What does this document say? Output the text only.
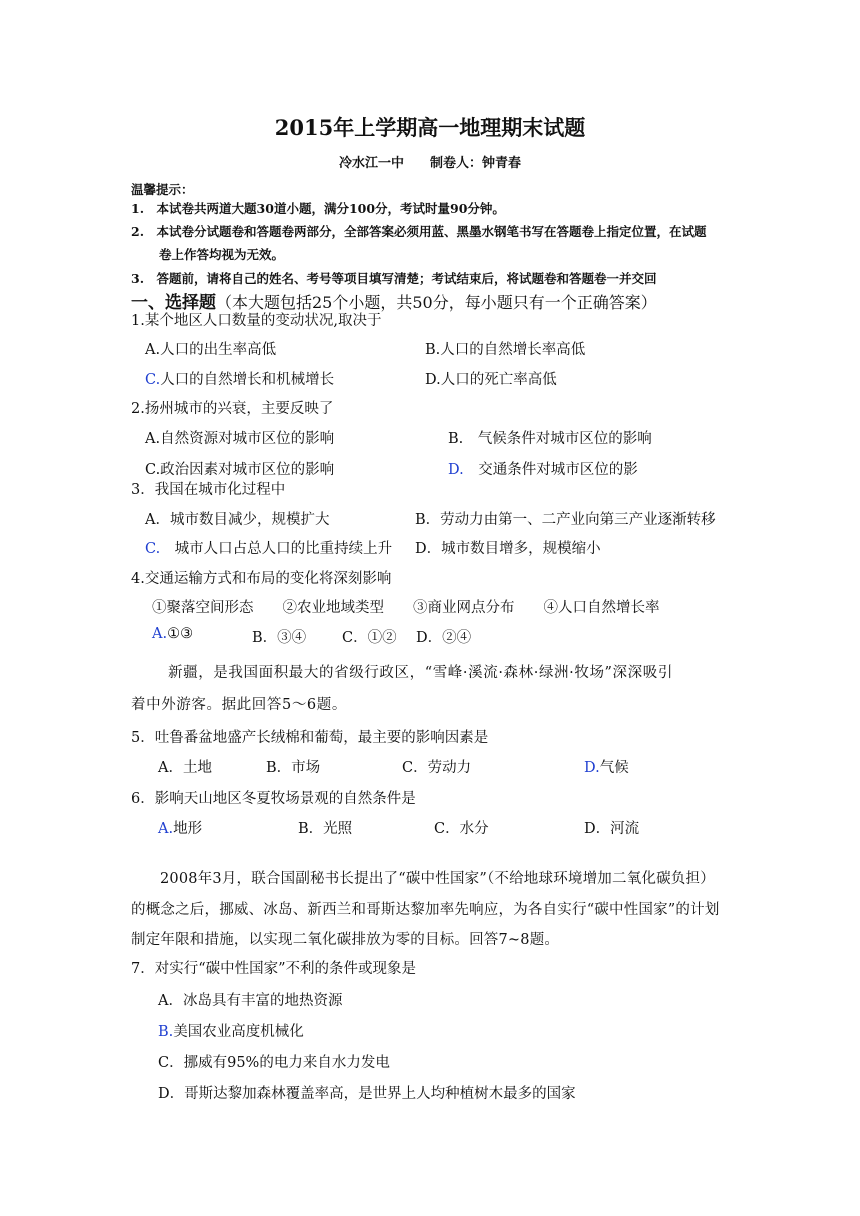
2015年上学期高一地理期末试题
冷水江一中　　制卷人：钟青春
温馨提示：
1.　本试卷共两道大题30道小题，满分100分，考试时量90分钟。
2.　本试卷分试题卷和答题卷两部分，全部答案必须用蓝、黑墨水钢笔书写在答题卷上指定位置，在试题
卷上作答均视为无效。
3.　答题前，请将自己的姓名、考号等项目填写清楚；考试结束后，将试题卷和答题卷一并交回
一、选择题（本大题包括25个小题，共50分，每小题只有一个正确答案）
1.某个地区人口数量的变动状况,取决于
A.人口的出生率高低	B.人口的自然增长率高低
C.人口的自然增长和机械增长	D.人口的死亡率高低
2.扬州城市的兴衰，主要反映了
A.自然资源对城市区位的影响	B.　气候条件对城市区位的影响
C.政治因素对城市区位的影响	D.　交通条件对城市区位的影
3．我国在城市化过程中
A．城市数目减少，规模扩大	B．劳动力由第一、二产业向第三产业逐渐转移
C.　城市人口占总人口的比重持续上升 D．城市数目增多，规模缩小
4.交通运输方式和布局的变化将深刻影响
①聚落空间形态　　②农业地域类型　　③商业网点分布　　④人口自然增长率
A.①③	B．③④ C．①② D．②④
新疆，是我国面积最大的省级行政区，“雪峰·溪流·森林·绿洲·牧场”深深吸引
着中外游客。据此回答5～6题。
5．吐鲁番盆地盛产长绒棉和葡萄，最主要的影响因素是
A．土地	B．市场	C．劳动力	D.气候
6．影响天山地区冬夏牧场景观的自然条件是
A.地形	B．光照	C．水分	D．河流
2008年3月，联合国副秘书长提出了“碳中性国家”（不给地球环境增加二氧化碳负担）
的概念之后，挪威、冰岛、新西兰和哥斯达黎加率先响应，为各自实行“碳中性国家”的计划
制定年限和措施，以实现二氧化碳排放为零的目标。回答7~8题。
7．对实行“碳中性国家”不利的条件或现象是
A．冰岛具有丰富的地热资源
B.美国农业高度机械化
C．挪威有95%的电力来自水力发电
D．哥斯达黎加森林覆盖率高，是世界上人均种植树木最多的国家
